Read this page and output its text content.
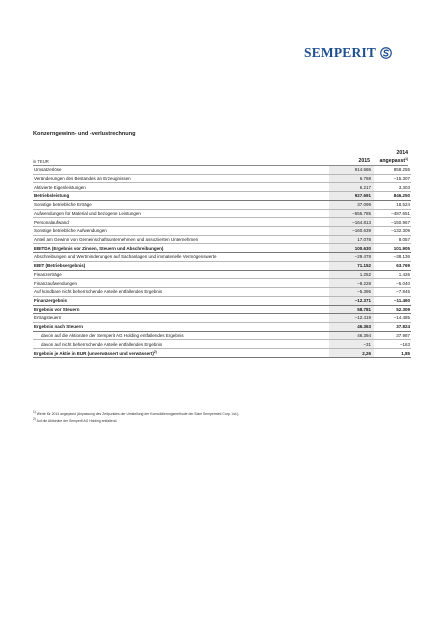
SEMPERIT
Konzerngewinn- und -verlustrechnung
in TEUR	2015
2014
angepasst$^{1)}$
Umsatzerlöse	914.686	858.255
Veränderungen des Bestandes an Erzeugnissen	6.788	–15.307
Aktivierte Eigenleistungen	6.217	3.303
Betriebsleistung	927.691	846.250
Sonstige betriebliche Erträge	37.099	18.524
Aufwendungen für Material und bezogene Leistungen	–555.785	–487.651
Personalaufwand	–164.813	–150.967
Sonstige betriebliche Aufwendungen	–160.639	–132.309
Anteil am Gewinn von Gemeinschaftsunternehmen und assoziierten Unternehmen	17.078	8.057
EBITDA (Ergebnis vor Zinsen, Steuern und Abschreibungen)	100.630	101.905
Abschreibungen und Wertminderungen auf Sachanlagen und immaterielle Vermögenswerte	–29.478	–38.136
EBIT (Betriebsergebnis)	71.152	63.769
Finanzerträge	1.252	1.426
Finanzaufwendungen	–8.228	–5.040
Auf kündbare nicht beherrschende Anteile entfallendes Ergebnis	–5.395	–7.845
Finanzergebnis	–12.371	–11.460
Ergebnis vor Steuern	58.781	52.309
Ertragsteuern	–12.419	–14.485
Ergebnis nach Steuern	46.363	37.824
davon auf die Aktionäre der Semperit AG Holding entfallendes Ergebnis	46.394	37.987
davon auf nicht beherrschende Anteile entfallendes Ergebnis	–31	–163
Ergebnis je Aktie in EUR (unverwässert und verwässert)$^{2)}$	2,26	1,85
$^{1)}$ Werte für 2014 angepasst (Anpassung des Zeitpunktes der Umstellung der Konsolidierungsmethode der Siam Sempermed Corp. Ltd.).
$^{2)}$ Auf die Aktionäre der Semperit AG Holding entfallend.
